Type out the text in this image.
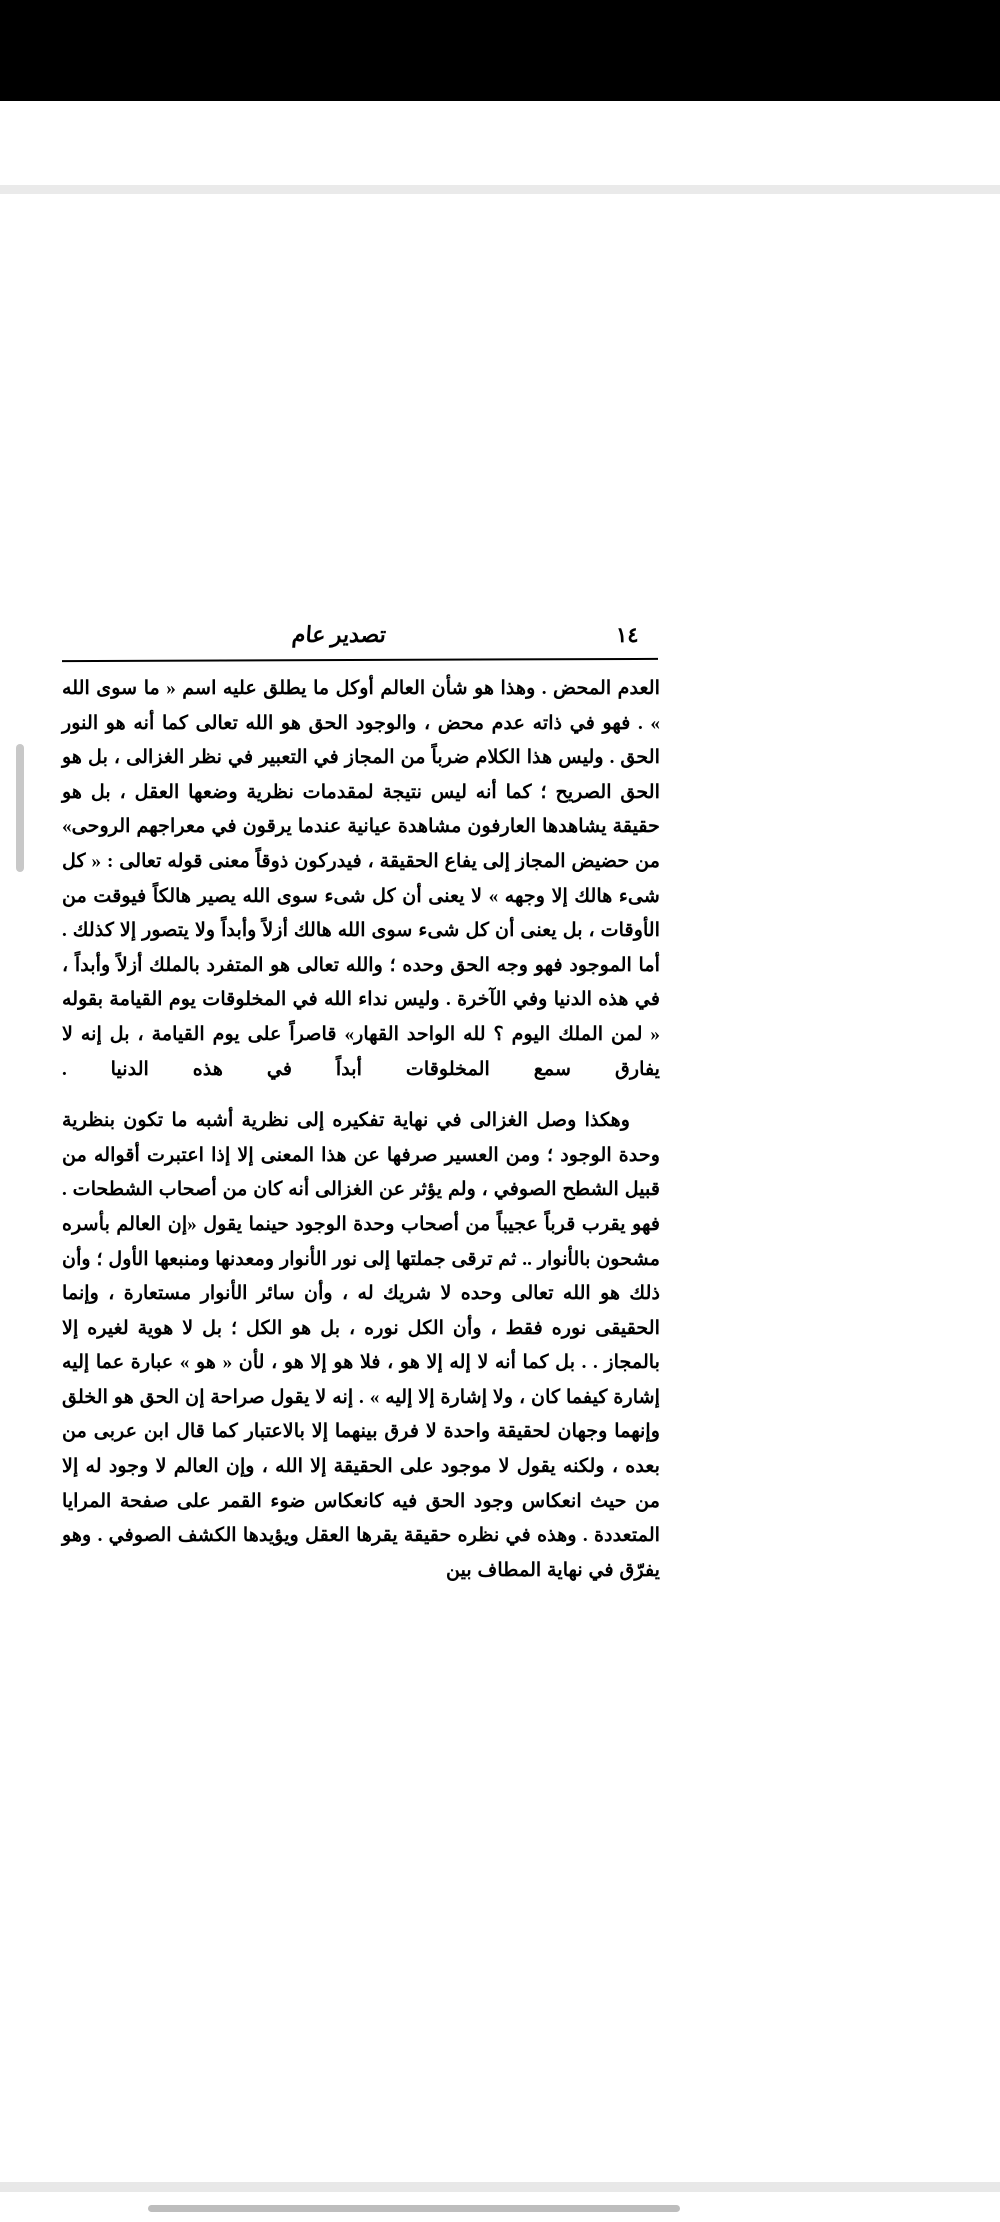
١٤
تصدير عام

العدم المحض . وهذا هو شأن العالم أوكل ما يطلق عليه اسم « ما سوى الله » . فهو في ذاته عدم محض ، والوجود الحق هو الله تعالى كما أنه هو النور الحق . وليس هذا الكلام ضرباً من المجاز في التعبير في نظر الغزالى ، بل هو الحق الصريح ؛ كما أنه ليس نتيجة لمقدمات نظرية وضعها العقل ، بل هو حقيقة يشاهدها العارفون مشاهدة عيانية عندما يرقون في معراجهم الروحى» من حضيض المجاز إلى يفاع الحقيقة ، فيدركون ذوقاً معنى قوله تعالى : « كل شىء هالك إلا وجهه » لا يعنى أن كل شىء سوى الله يصير هالكاً فيوقت من الأوقات ، بل يعنى أن كل شىء سوى الله هالك أزلاً وأبداً ولا يتصور إلا كذلك . أما الموجود فهو وجه الحق وحده ؛ والله تعالى هو المتفرد بالملك أزلاً وأبداً ، في هذه الدنيا وفي الآخرة . وليس نداء الله في المخلوقات يوم القيامة بقوله « لمن الملك اليوم ؟ لله الواحد القهار» قاصراً على يوم القيامة ، بل إنه لا يفارق سمع المخلوقات أبداً في هذه الدنيا .

وهكذا وصل الغزالى في نهاية تفكيره إلى نظرية أشبه ما تكون بنظرية وحدة الوجود ؛ ومن العسير صرفها عن هذا المعنى إلا إذا اعتبرت أقواله من قبيل الشطح الصوفي ، ولم يؤثر عن الغزالى أنه كان من أصحاب الشطحات . فهو يقرب قرباً عجيباً من أصحاب وحدة الوجود حينما يقول «إن العالم بأسره مشحون بالأنوار .. ثم ترقى جملتها إلى نور الأنوار ومعدنها ومنبعها الأول ؛ وأن ذلك هو الله تعالى وحده لا شريك له ، وأن سائر الأنوار مستعارة ، وإنما الحقيقى نوره فقط ، وأن الكل نوره ، بل هو الكل ؛ بل لا هوية لغيره إلا بالمجاز . . بل كما أنه لا إله إلا هو ، فلا هو إلا هو ، لأن « هو » عبارة عما إليه إشارة كيفما كان ، ولا إشارة إلا إليه » . إنه لا يقول صراحة إن الحق هو الخلق وإنهما وجهان لحقيقة واحدة لا فرق بينهما إلا بالاعتبار كما قال ابن عربى من بعده ، ولكنه يقول لا موجود على الحقيقة إلا الله ، وإن العالم لا وجود له إلا من حيث انعكاس وجود الحق فيه كانعكاس ضوء القمر على صفحة المرايا المتعددة . وهذه في نظره حقيقة يقرها العقل ويؤيدها الكشف الصوفي . وهو يفرّق في نهاية المطاف بين
